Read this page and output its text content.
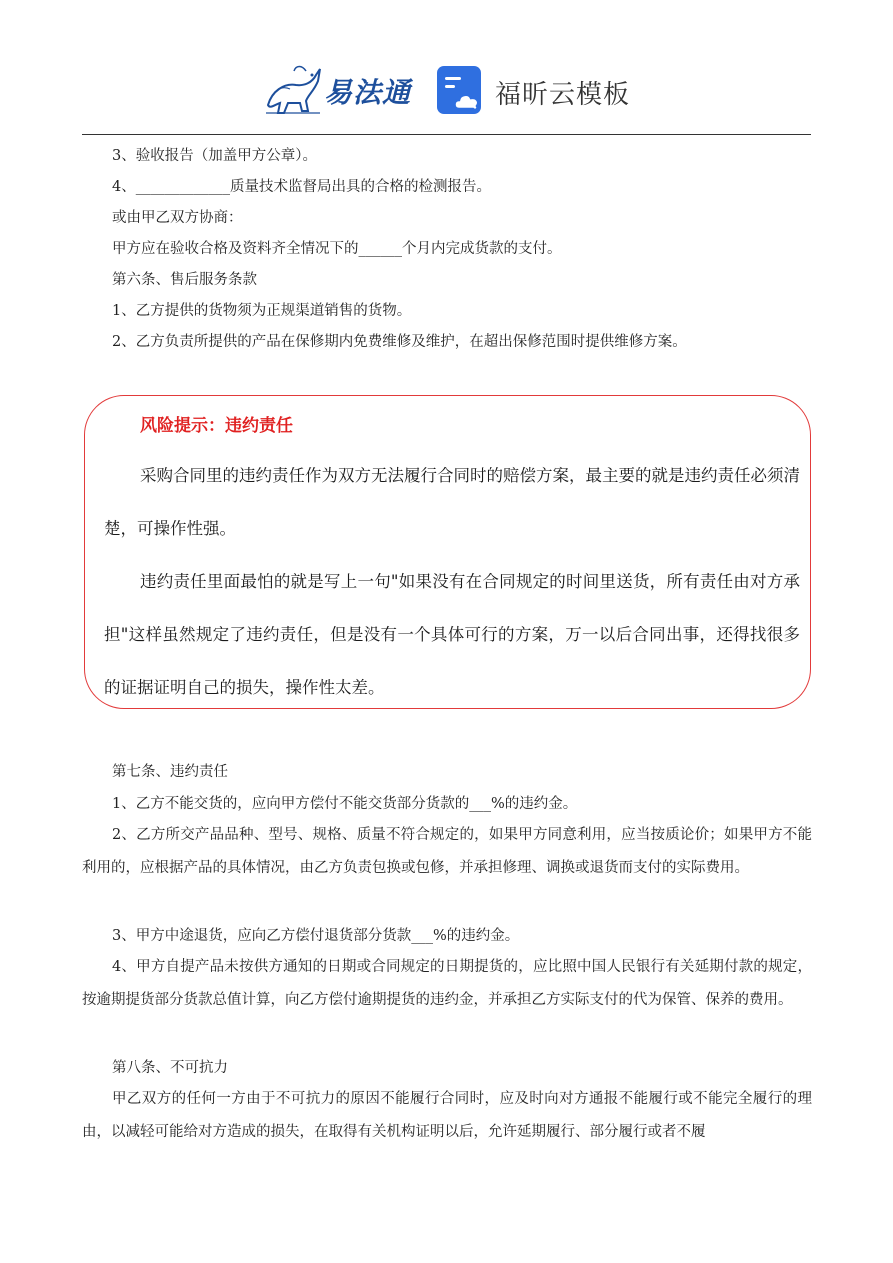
易法通	福昕云模板
3、验收报告（加盖甲方公章）。
4、_____________质量技术监督局出具的合格的检测报告。
或由甲乙双方协商：
甲方应在验收合格及资料齐全情况下的______个月内完成货款的支付。
第六条、售后服务条款
1、乙方提供的货物须为正规渠道销售的货物。
2、乙方负责所提供的产品在保修期内免费维修及维护，在超出保修范围时提供维修方案。
风险提示：违约责任
采购合同里的违约责任作为双方无法履行合同时的赔偿方案，最主要的就是违约责任必须清楚，可操作性强。
违约责任里面最怕的就是写上一句"如果没有在合同规定的时间里送货，所有责任由对方承担"这样虽然规定了违约责任，但是没有一个具体可行的方案，万一以后合同出事，还得找很多的证据证明自己的损失，操作性太差。
第七条、违约责任
1、乙方不能交货的，应向甲方偿付不能交货部分货款的___%的违约金。
2、乙方所交产品品种、型号、规格、质量不符合规定的，如果甲方同意利用，应当按质论价；如果甲方不能利用的，应根据产品的具体情况，由乙方负责包换或包修，并承担修理、调换或退货而支付的实际费用。
3、甲方中途退货，应向乙方偿付退货部分货款___%的违约金。
4、甲方自提产品未按供方通知的日期或合同规定的日期提货的，应比照中国人民银行有关延期付款的规定，按逾期提货部分货款总值计算，向乙方偿付逾期提货的违约金，并承担乙方实际支付的代为保管、保养的费用。
第八条、不可抗力
甲乙双方的任何一方由于不可抗力的原因不能履行合同时，应及时向对方通报不能履行或不能完全履行的理由，以减轻可能给对方造成的损失，在取得有关机构证明以后，允许延期履行、部分履行或者不履
